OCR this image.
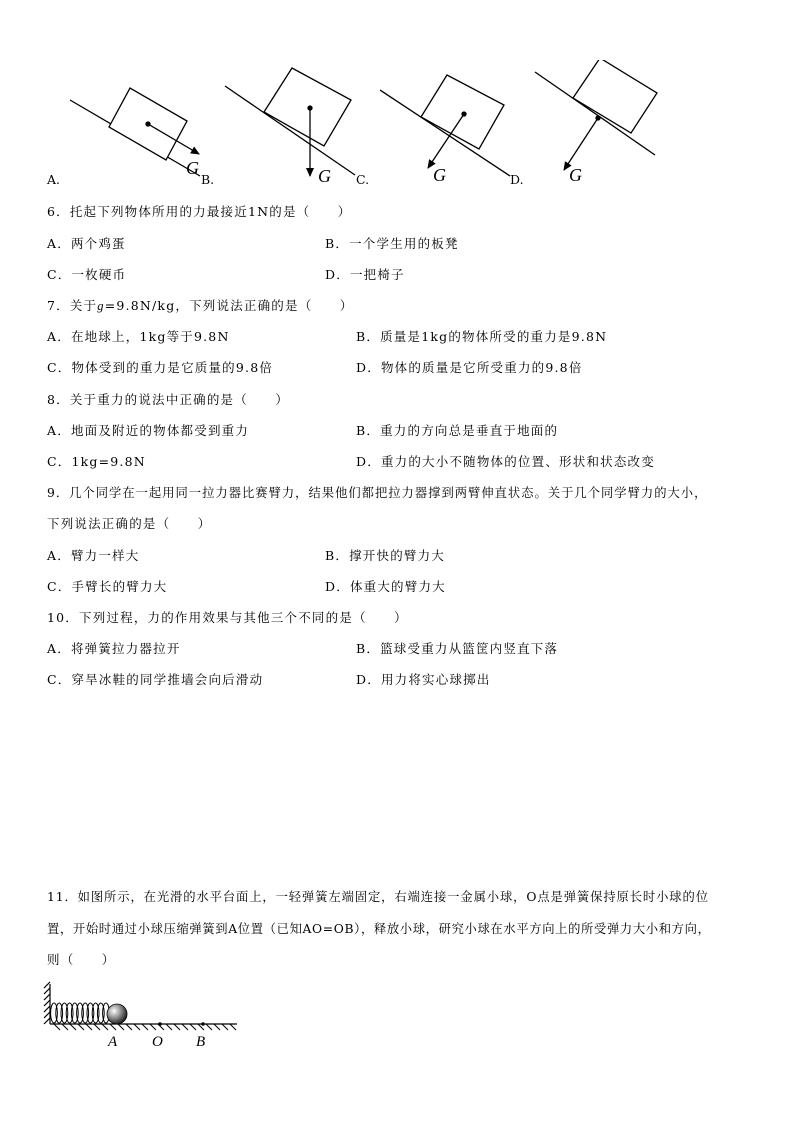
G	G	G	G
A.	B.	C.	D.
6．托起下列物体所用的力最接近1N的是（　　）
A．两个鸡蛋	B．一个学生用的板凳
C．一枚硬币	D．一把椅子
7．关于g=9.8N/kg，下列说法正确的是（　　）
A．在地球上，1kg等于9.8N	B．质量是1kg的物体所受的重力是9.8N
C．物体受到的重力是它质量的9.8倍	D．物体的质量是它所受重力的9.8倍
8．关于重力的说法中正确的是（　　）
A．地面及附近的物体都受到重力	B．重力的方向总是垂直于地面的
C．1kg=9.8N	D．重力的大小不随物体的位置、形状和状态改变
9．几个同学在一起用同一拉力器比赛臂力，结果他们都把拉力器撑到两臂伸直状态。关于几个同学臂力的大小，
下列说法正确的是（　　）
A．臂力一样大	B．撑开快的臂力大
C．手臂长的臂力大	D．体重大的臂力大
10．下列过程，力的作用效果与其他三个不同的是（　　）
A．将弹簧拉力器拉开	B．篮球受重力从篮筐内竖直下落
C．穿旱冰鞋的同学推墙会向后滑动	D．用力将实心球掷出
11．如图所示，在光滑的水平台面上，一轻弹簧左端固定，右端连接一金属小球，O点是弹簧保持原长时小球的位
置，开始时通过小球压缩弹簧到A位置（已知AO=OB），释放小球，研究小球在水平方向上的所受弹力大小和方向，
则（　　）
A O B
